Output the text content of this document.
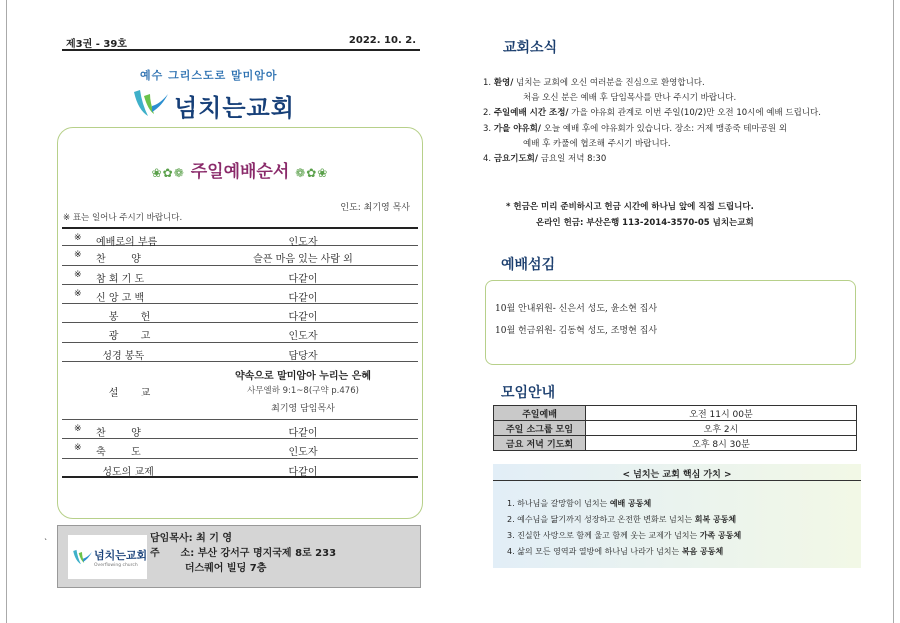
제3권 - 39호	2022. 10. 2.
예수 그리스도로 말미암아
넘치는교회
❀✿❁ 주일예배순서 ❁✿❀
인도: 최기영 목사
※ 표는 일어나 주시기 바랍니다.
※ 예배로의 부름	인도자
※ 찬        양	슬픈 마음 있는 사람 외
※ 참 회 기 도	다같이
※ 신 앙 고 백	다같이
봉       헌	다같이
광       고	인도자
성경 봉독	담당자
설       교
약속으로 말미암아 누리는 은혜
사무엘하 9:1~8(구약 p.476)
최기영 담임목사
※ 찬        양	다같이
※ 축        도	인도자
성도의 교제	다같이
`
넘치는교회
Overflowing church
담임목사: 최 기 영
주      소: 부산 강서구 명지국제 8로 233
더스퀘어 빌딩 7층
교회소식
1. 환영/ 넘치는 교회에 오신 여러분을 진심으로 환영합니다.
처음 오신 분은 예배 후 담임목사를 만나 주시기 바랍니다.
2. 주일예배 시간 조정/ 가을 야유회 관계로 이번 주일(10/2)만 오전 10시에 예배 드립니다.
3. 가을 야유회/ 오늘 예배 후에 야유회가 있습니다. 장소: 거제 맹종죽 테마공원 외
예배 후 카풀에 협조해 주시기 바랍니다.
4. 금요기도회/ 금요일 저녁 8:30
* 헌금은 미리 준비하시고 헌금 시간에 하나님 앞에 직접 드립니다.
온라인 헌금: 부산은행 113-2014-3570-05 넘치는교회
예배섬김
10월 안내위원- 신은서 성도, 윤소현 집사
10월 헌금위원- 김동혁 성도, 조명현 집사
모임안내
주일예배	오전 11시 00분
주일 소그룹 모임	오후 2시
금요 저녁 기도회	오후 8시 30분
< 넘치는 교회 핵심 가치 >
1. 하나님을 갈망함이 넘치는 예배 공동체
2. 예수님을 닮기까지 성장하고 온전한 변화로 넘치는 회복 공동체
3. 진실한 사랑으로 함께 울고 함께 웃는 교제가 넘치는 가족 공동체
4. 삶의 모든 영역과 열방에 하나님 나라가 넘치는 복음 공동체
